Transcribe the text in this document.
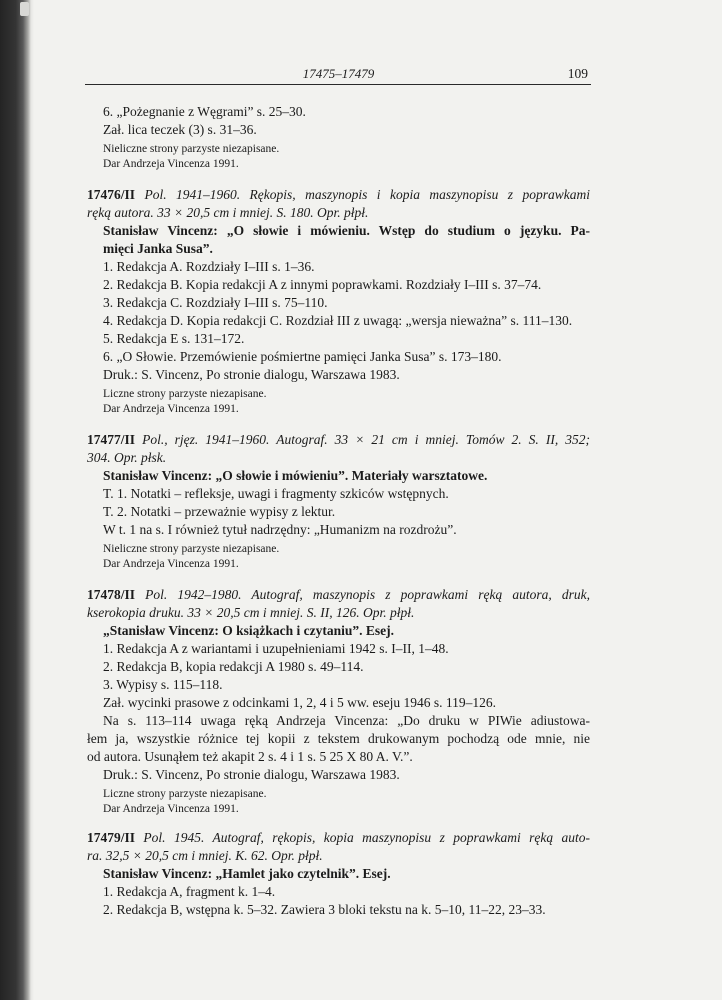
17475–17479	109
6. „Pożegnanie z Węgrami” s. 25–30.
Zał. lica teczek (3) s. 31–36.
Nieliczne strony parzyste niezapisane.
Dar Andrzeja Vincenza 1991.
17476/II Pol. 1941–1960. Rękopis, maszynopis i kopia maszynopisu z poprawkami
ręką autora. 33 × 20,5 cm i mniej. S. 180. Opr. płpł.
Stanisław Vincenz: „O słowie i mówieniu. Wstęp do studium o języku. Pa-
mięci Janka Susa”.
1. Redakcja A. Rozdziały I–III s. 1–36.
2. Redakcja B. Kopia redakcji A z innymi poprawkami. Rozdziały I–III s. 37–74.
3. Redakcja C. Rozdziały I–III s. 75–110.
4. Redakcja D. Kopia redakcji C. Rozdział III z uwagą: „wersja nieważna” s. 111–130.
5. Redakcja E s. 131–172.
6. „O Słowie. Przemówienie pośmiertne pamięci Janka Susa” s. 173–180.
Druk.: S. Vincenz, Po stronie dialogu, Warszawa 1983.
Liczne strony parzyste niezapisane.
Dar Andrzeja Vincenza 1991.
17477/II Pol., rjęz. 1941–1960. Autograf. 33 × 21 cm i mniej. Tomów 2. S. II, 352;
304. Opr. płsk.
Stanisław Vincenz: „O słowie i mówieniu”. Materiały warsztatowe.
T. 1. Notatki – refleksje, uwagi i fragmenty szkiców wstępnych.
T. 2. Notatki – przeważnie wypisy z lektur.
W t. 1 na s. I również tytuł nadrzędny: „Humanizm na rozdrożu”.
Nieliczne strony parzyste niezapisane.
Dar Andrzeja Vincenza 1991.
17478/II Pol. 1942–1980. Autograf, maszynopis z poprawkami ręką autora, druk,
kserokopia druku. 33 × 20,5 cm i mniej. S. II, 126. Opr. płpł.
„Stanisław Vincenz: O książkach i czytaniu”. Esej.
1. Redakcja A z wariantami i uzupełnieniami 1942 s. I–II, 1–48.
2. Redakcja B, kopia redakcji A 1980 s. 49–114.
3. Wypisy s. 115–118.
Zał. wycinki prasowe z odcinkami 1, 2, 4 i 5 ww. eseju 1946 s. 119–126.
Na s. 113–114 uwaga ręką Andrzeja Vincenza: „Do druku w PIWie adiustowa-
łem ja, wszystkie różnice tej kopii z tekstem drukowanym pochodzą ode mnie, nie
od autora. Usunąłem też akapit 2 s. 4 i 1 s. 5 25 X 80 A. V.”.
Druk.: S. Vincenz, Po stronie dialogu, Warszawa 1983.
Liczne strony parzyste niezapisane.
Dar Andrzeja Vincenza 1991.
17479/II Pol. 1945. Autograf, rękopis, kopia maszynopisu z poprawkami ręką auto-
ra. 32,5 × 20,5 cm i mniej. K. 62. Opr. płpł.
Stanisław Vincenz: „Hamlet jako czytelnik”. Esej.
1. Redakcja A, fragment k. 1–4.
2. Redakcja B, wstępna k. 5–32. Zawiera 3 bloki tekstu na k. 5–10, 11–22, 23–33.
